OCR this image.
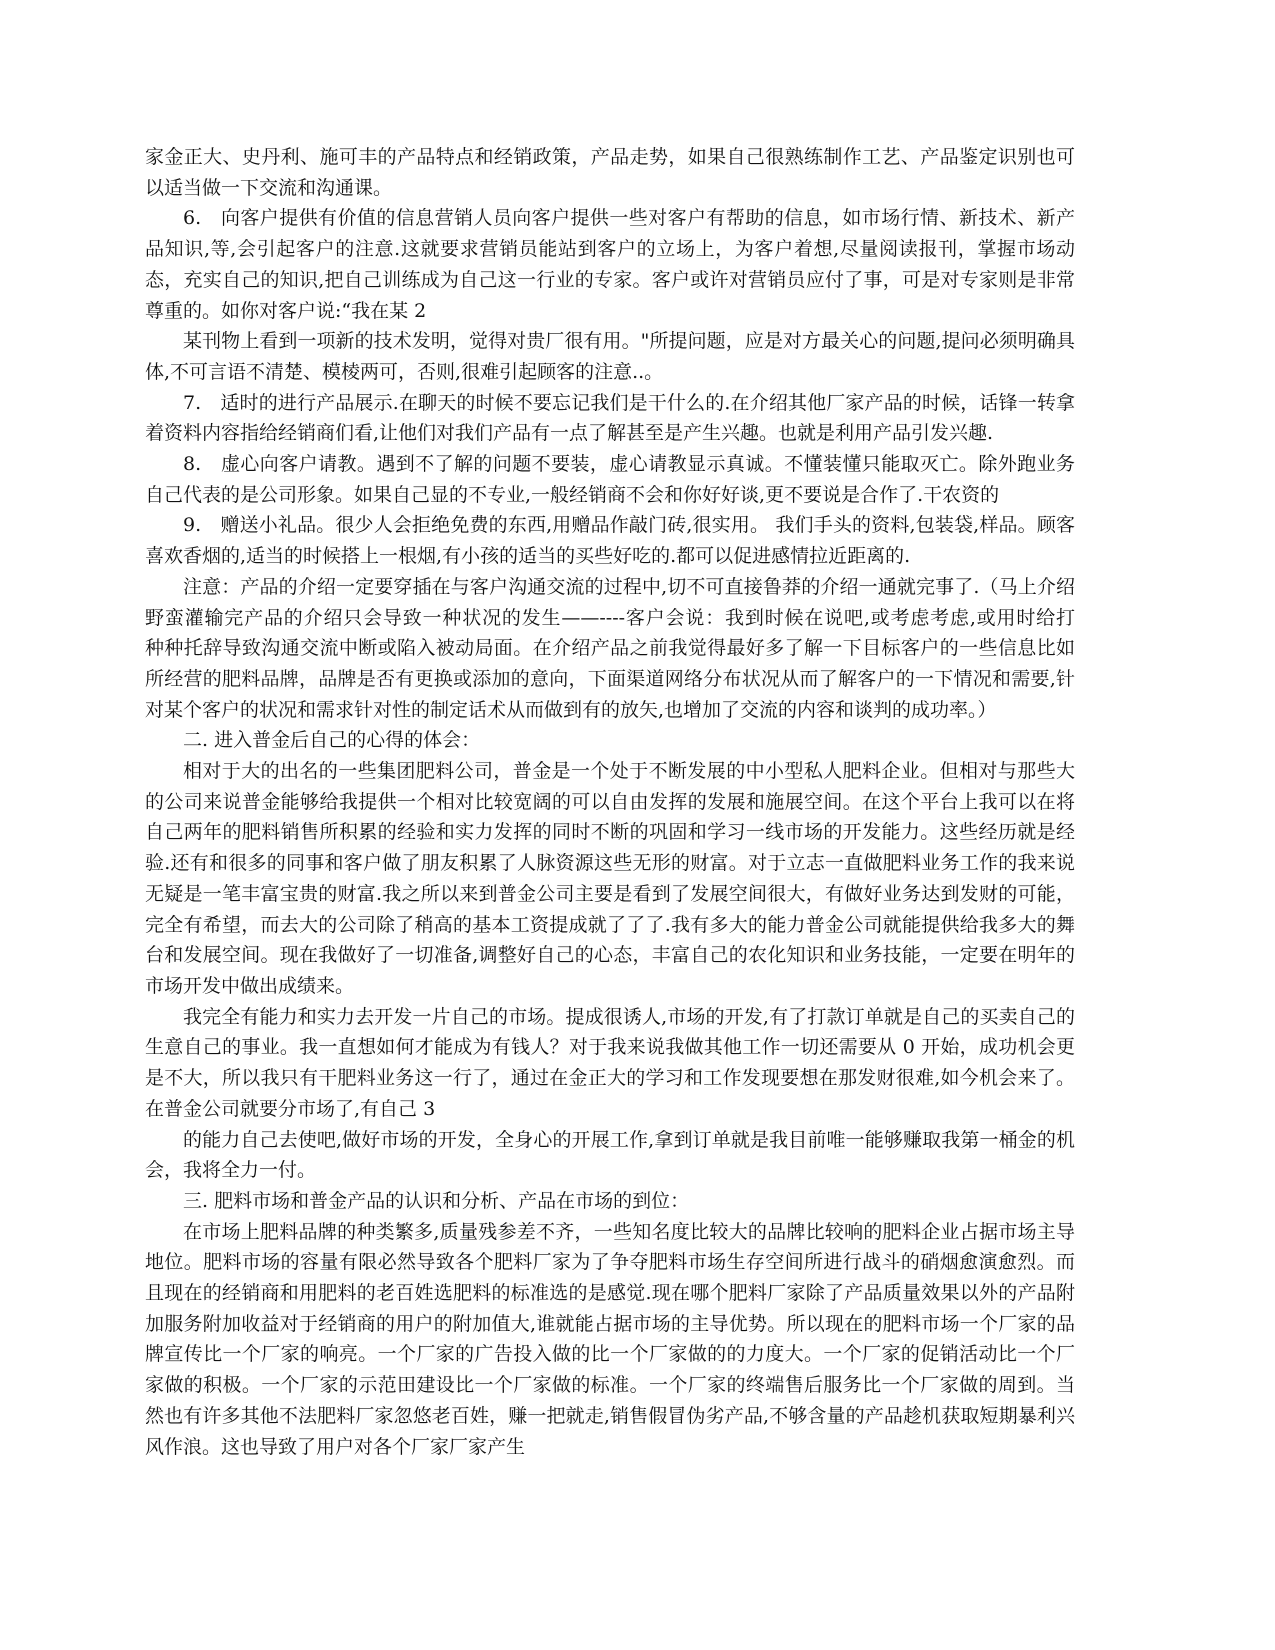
家金正大、史丹利、施可丰的产品特点和经销政策，产品走势，如果自己很熟练制作工艺、产品鉴定识别也可以适当做一下交流和沟通课。

6.　向客户提供有价值的信息营销人员向客户提供一些对客户有帮助的信息，如市场行情、新技术、新产品知识,等,会引起客户的注意.这就要求营销员能站到客户的立场上，为客户着想,尽量阅读报刊，掌握市场动态，充实自己的知识,把自己训练成为自己这一行业的专家。客户或许对营销员应付了事，可是对专家则是非常尊重的。如你对客户说:“我在某 2

某刊物上看到一项新的技术发明，觉得对贵厂很有用。"所提问题，应是对方最关心的问题,提问必须明确具体,不可言语不清楚、模棱两可，否则,很难引起顾客的注意..。

7.　适时的进行产品展示.在聊天的时候不要忘记我们是干什么的.在介绍其他厂家产品的时候，话锋一转拿着资料内容指给经销商们看,让他们对我们产品有一点了解甚至是产生兴趣。也就是利用产品引发兴趣.

8.　虚心向客户请教。遇到不了解的问题不要装，虚心请教显示真诚。不懂装懂只能取灭亡。除外跑业务自己代表的是公司形象。如果自己显的不专业,一般经销商不会和你好好谈,更不要说是合作了.干农资的

9.　赠送小礼品。很少人会拒绝免费的东西,用赠品作敲门砖,很实用。 我们手头的资料,包装袋,样品。顾客喜欢香烟的,适当的时候搭上一根烟,有小孩的适当的买些好吃的.都可以促进感情拉近距离的.

注意：产品的介绍一定要穿插在与客户沟通交流的过程中,切不可直接鲁莽的介绍一通就完事了.（马上介绍野蛮灌输完产品的介绍只会导致一种状况的发生——----客户会说：我到时候在说吧,或考虑考虑,或用时给打　　种种托辞导致沟通交流中断或陷入被动局面。在介绍产品之前我觉得最好多了解一下目标客户的一些信息比如所经营的肥料品牌，品牌是否有更换或添加的意向，下面渠道网络分布状况从而了解客户的一下情况和需要,针对某个客户的状况和需求针对性的制定话术从而做到有的放矢,也增加了交流的内容和谈判的成功率。）

二. 进入普金后自己的心得的体会：

相对于大的出名的一些集团肥料公司，普金是一个处于不断发展的中小型私人肥料企业。但相对与那些大的公司来说普金能够给我提供一个相对比较宽阔的可以自由发挥的发展和施展空间。在这个平台上我可以在将自己两年的肥料销售所积累的经验和实力发挥的同时不断的巩固和学习一线市场的开发能力。这些经历就是经验.还有和很多的同事和客户做了朋友积累了人脉资源这些无形的财富。对于立志一直做肥料业务工作的我来说无疑是一笔丰富宝贵的财富.我之所以来到普金公司主要是看到了发展空间很大，有做好业务达到发财的可能，完全有希望，而去大的公司除了稍高的基本工资提成就了了了.我有多大的能力普金公司就能提供给我多大的舞台和发展空间。现在我做好了一切准备,调整好自己的心态，丰富自己的农化知识和业务技能，一定要在明年的市场开发中做出成绩来。

我完全有能力和实力去开发一片自己的市场。提成很诱人,市场的开发,有了打款订单就是自己的买卖自己的生意自己的事业。我一直想如何才能成为有钱人？对于我来说我做其他工作一切还需要从 0 开始，成功机会更是不大，所以我只有干肥料业务这一行了，通过在金正大的学习和工作发现要想在那发财很难,如今机会来了。在普金公司就要分市场了,有自己 3

的能力自己去使吧,做好市场的开发，全身心的开展工作,拿到订单就是我目前唯一能够赚取我第一桶金的机会，我将全力一付。

三. 肥料市场和普金产品的认识和分析、产品在市场的到位：

在市场上肥料品牌的种类繁多,质量残参差不齐，一些知名度比较大的品牌比较响的肥料企业占据市场主导地位。肥料市场的容量有限必然导致各个肥料厂家为了争夺肥料市场生存空间所进行战斗的硝烟愈演愈烈。而且现在的经销商和用肥料的老百姓选肥料的标准选的是感觉.现在哪个肥料厂家除了产品质量效果以外的产品附加服务附加收益对于经销商的用户的附加值大,谁就能占据市场的主导优势。所以现在的肥料市场一个厂家的品牌宣传比一个厂家的响亮。一个厂家的广告投入做的比一个厂家做的的力度大。一个厂家的促销活动比一个厂家做的积极。一个厂家的示范田建设比一个厂家做的标准。一个厂家的终端售后服务比一个厂家做的周到。当然也有许多其他不法肥料厂家忽悠老百姓，赚一把就走,销售假冒伪劣产品,不够含量的产品趁机获取短期暴利兴风作浪。这也导致了用户对各个厂家厂家产生
